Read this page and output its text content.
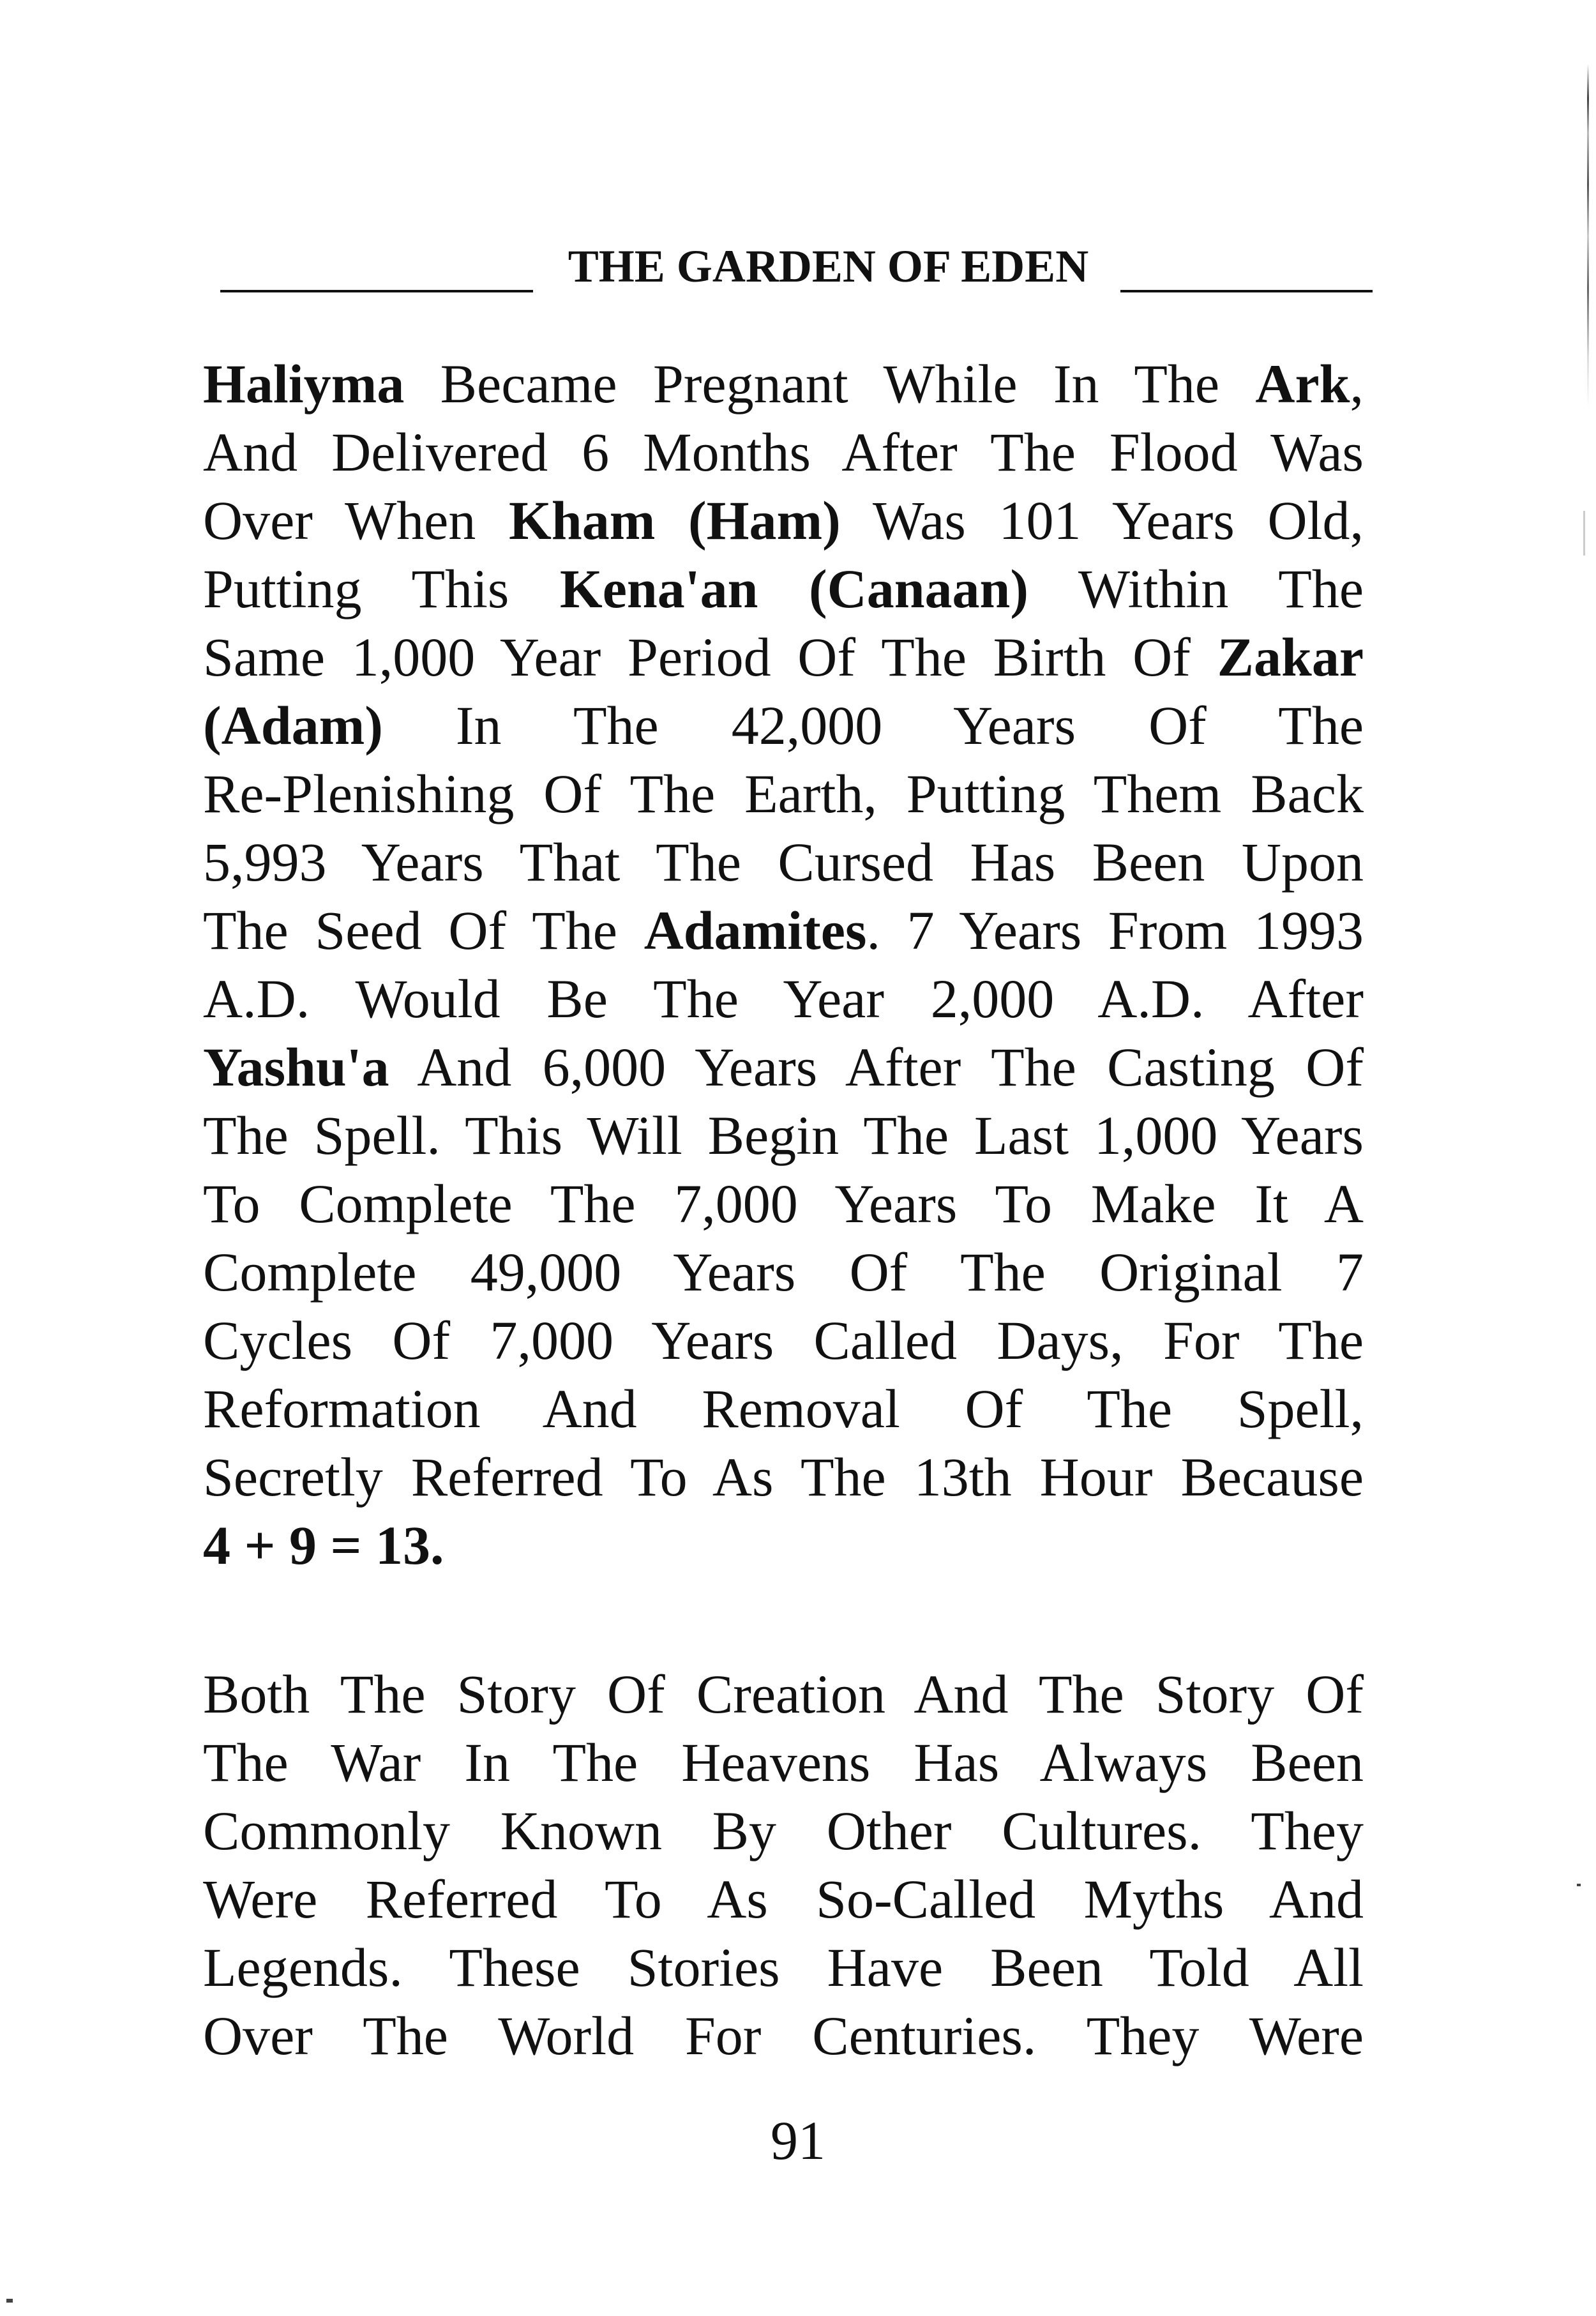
THE GARDEN OF EDEN
Haliyma Became Pregnant While In The Ark,
And Delivered 6 Months After The Flood Was
Over When Kham (Ham) Was 101 Years Old,
Putting This Kena'an (Canaan) Within The
Same 1,000 Year Period Of The Birth Of Zakar
(Adam) In The 42,000 Years Of The
Re-Plenishing Of The Earth, Putting Them Back
5,993 Years That The Cursed Has Been Upon
The Seed Of The Adamites. 7 Years From 1993
A.D. Would Be The Year 2,000 A.D. After
Yashu'a And 6,000 Years After The Casting Of
The Spell. This Will Begin The Last 1,000 Years
To Complete The 7,000 Years To Make It A
Complete 49,000 Years Of The Original 7
Cycles Of 7,000 Years Called Days, For The
Reformation And Removal Of The Spell,
Secretly Referred To As The 13th Hour Because
4 + 9 = 13.
Both The Story Of Creation And The Story Of
The War In The Heavens Has Always Been
Commonly Known By Other Cultures. They
Were Referred To As So-Called Myths And
Legends. These Stories Have Been Told All
Over The World For Centuries. They Were
91
